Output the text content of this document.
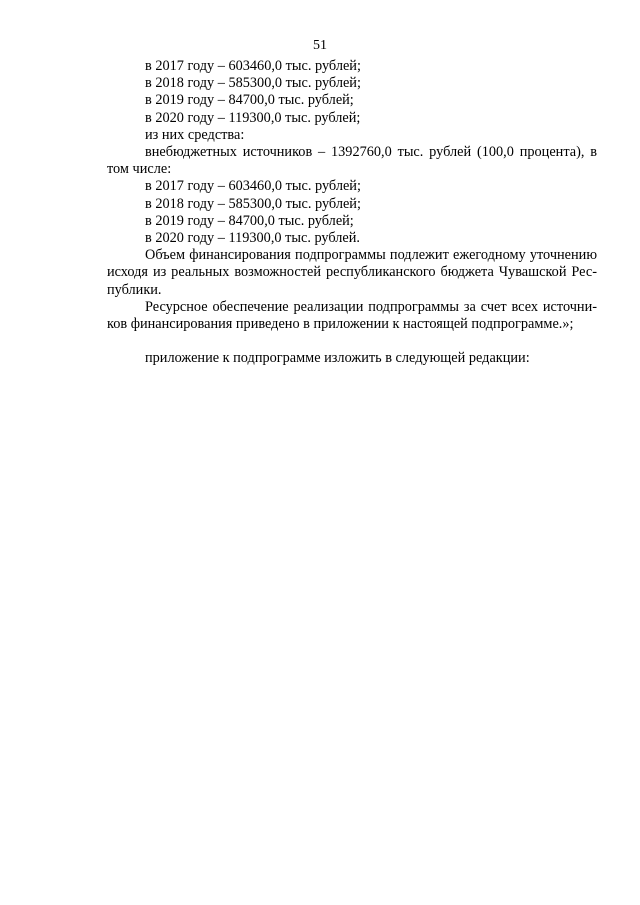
51
в 2017 году – 603460,0 тыс. рублей;
в 2018 году – 585300,0 тыс. рублей;
в 2019 году – 84700,0 тыс. рублей;
в 2020 году – 119300,0 тыс. рублей;
из них средства:

внебюджетных источников – 1392760,0 тыс. рублей (100,0 процента), в том числе:

в 2017 году – 603460,0 тыс. рублей;
в 2018 году – 585300,0 тыс. рублей;
в 2019 году – 84700,0 тыс. рублей;
в 2020 году – 119300,0 тыс. рублей.

Объем финансирования подпрограммы подлежит ежегодному уточнению исходя из реальных возможностей республиканского бюджета Чувашской Рес-публики.

Ресурсное обеспечение реализации подпрограммы за счет всех источни-ков финансирования приведено в приложении к настоящей подпрограмме.»;

приложение к подпрограмме изложить в следующей редакции:
